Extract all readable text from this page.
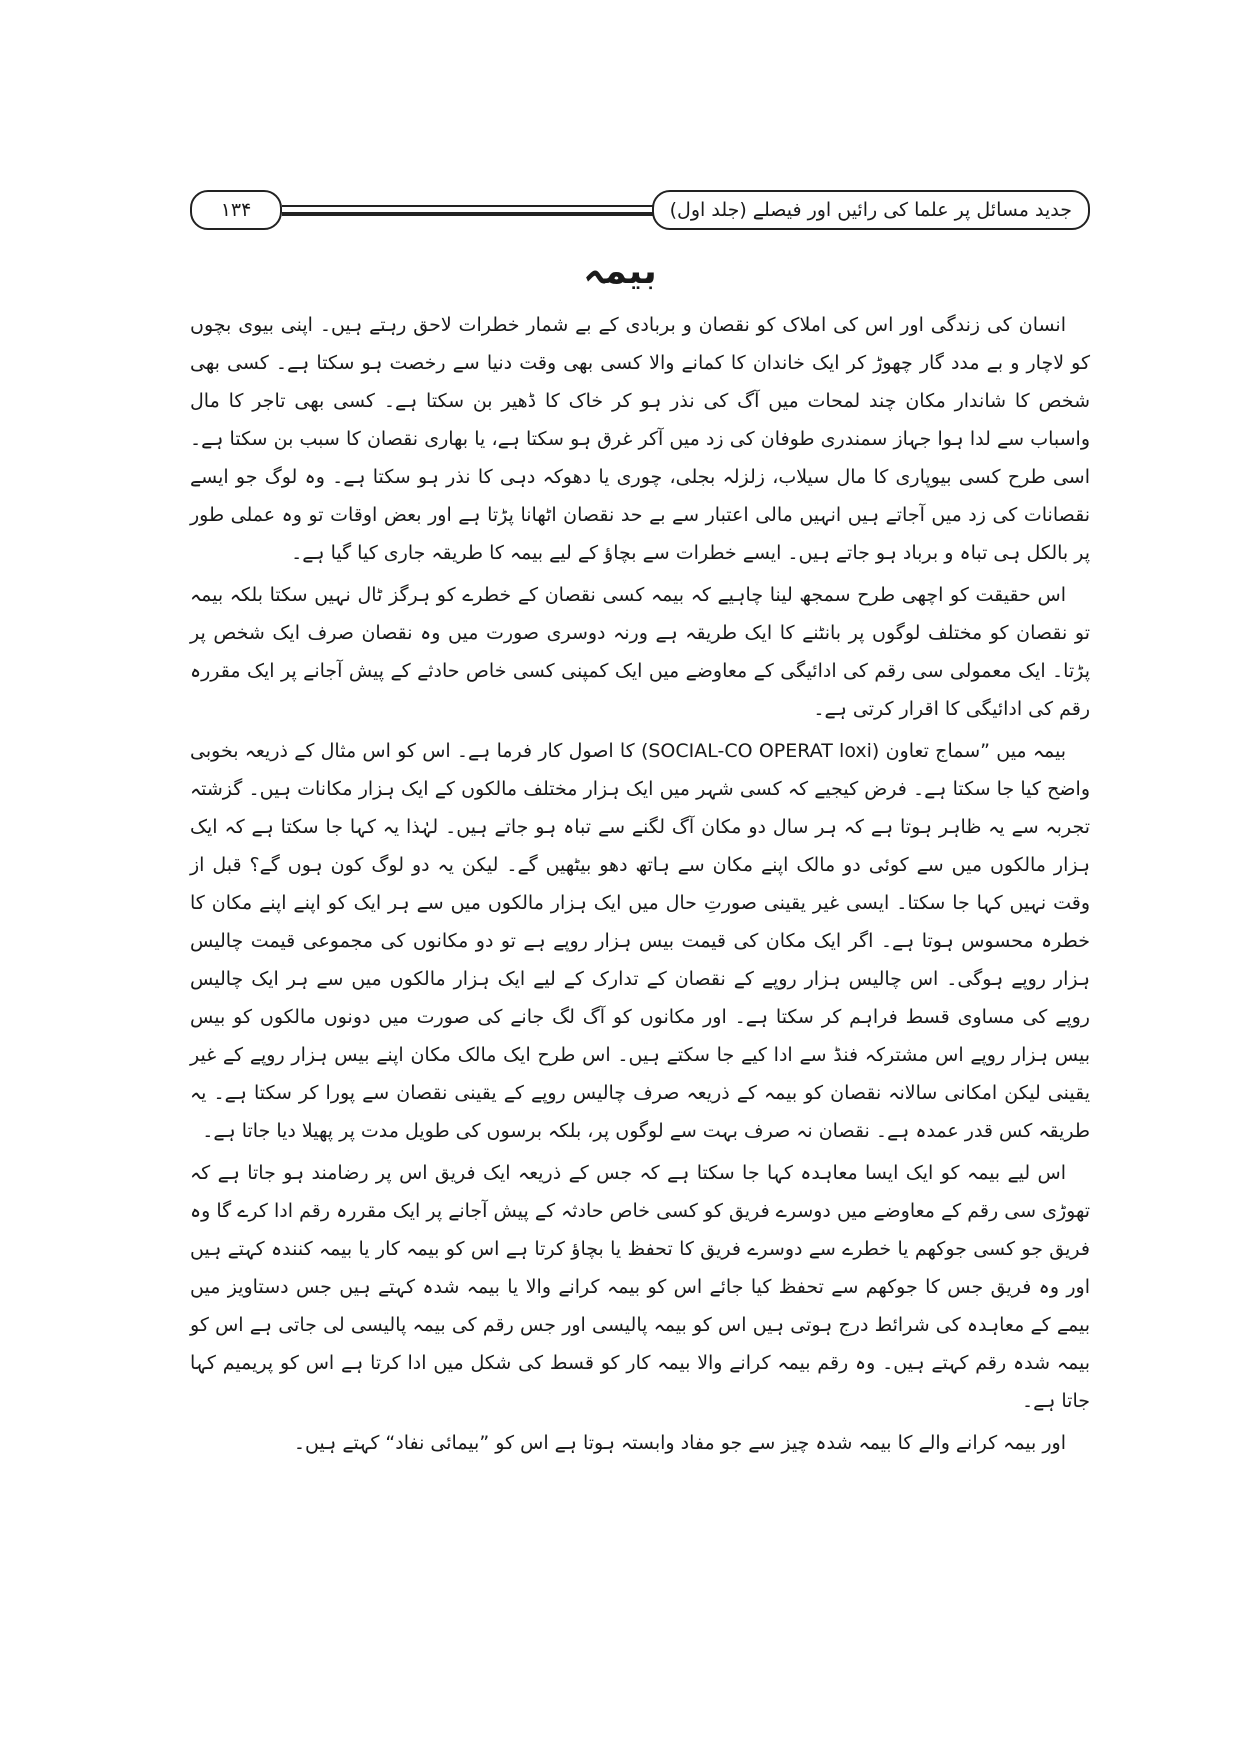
۱۳۴	جدید مسائل پر علما کی رائیں اور فیصلے (جلد اول)
بیمہ

انسان کی زندگی اور اس کی املاک کو نقصان و بربادی کے بے شمار خطرات لاحق رہتے ہیں۔ اپنی بیوی بچوں کو لاچار و بے مدد گار چھوڑ کر ایک خاندان کا کمانے والا کسی بھی وقت دنیا سے رخصت ہو سکتا ہے۔ کسی بھی شخص کا شاندار مکان چند لمحات میں آگ کی نذر ہو کر خاک کا ڈھیر بن سکتا ہے۔ کسی بھی تاجر کا مال واسباب سے لدا ہوا جہاز سمندری طوفان کی زد میں آکر غرق ہو سکتا ہے، یا بھاری نقصان کا سبب بن سکتا ہے۔ اسی طرح کسی بیوپاری کا مال سیلاب، زلزلہ بجلی، چوری یا دھوکہ دہی کا نذر ہو سکتا ہے۔ وہ لوگ جو ایسے نقصانات کی زد میں آجاتے ہیں انہیں مالی اعتبار سے بے حد نقصان اٹھانا پڑتا ہے اور بعض اوقات تو وہ عملی طور پر بالکل ہی تباہ و برباد ہو جاتے ہیں۔ ایسے خطرات سے بچاؤ کے لیے بیمہ کا طریقہ جاری کیا گیا ہے۔

اس حقیقت کو اچھی طرح سمجھ لینا چاہیے کہ بیمہ کسی نقصان کے خطرے کو ہرگز ٹال نہیں سکتا بلکہ بیمہ تو نقصان کو مختلف لوگوں پر بانٹنے کا ایک طریقہ ہے ورنہ دوسری صورت میں وہ نقصان صرف ایک شخص پر پڑتا۔ ایک معمولی سی رقم کی ادائیگی کے معاوضے میں ایک کمپنی کسی خاص حادثے کے پیش آجانے پر ایک مقررہ رقم کی ادائیگی کا اقرار کرتی ہے۔

بیمہ میں ”سماج تعاون (SOCIAL-CO OPERAT loxi) کا اصول کار فرما ہے۔ اس کو اس مثال کے ذریعہ بخوبی واضح کیا جا سکتا ہے۔ فرض کیجیے کہ کسی شہر میں ایک ہزار مختلف مالکوں کے ایک ہزار مکانات ہیں۔ گزشتہ تجربہ سے یہ ظاہر ہوتا ہے کہ ہر سال دو مکان آگ لگنے سے تباہ ہو جاتے ہیں۔ لہٰذا یہ کہا جا سکتا ہے کہ ایک ہزار مالکوں میں سے کوئی دو مالک اپنے مکان سے ہاتھ دھو بیٹھیں گے۔ لیکن یہ دو لوگ کون ہوں گے؟ قبل از وقت نہیں کہا جا سکتا۔ ایسی غیر یقینی صورتِ حال میں ایک ہزار مالکوں میں سے ہر ایک کو اپنے اپنے مکان کا خطرہ محسوس ہوتا ہے۔ اگر ایک مکان کی قیمت بیس ہزار روپے ہے تو دو مکانوں کی مجموعی قیمت چالیس ہزار روپے ہوگی۔ اس چالیس ہزار روپے کے نقصان کے تدارک کے لیے ایک ہزار مالکوں میں سے ہر ایک چالیس روپے کی مساوی قسط فراہم کر سکتا ہے۔ اور مکانوں کو آگ لگ جانے کی صورت میں دونوں مالکوں کو بیس بیس ہزار روپے اس مشترکہ فنڈ سے ادا کیے جا سکتے ہیں۔ اس طرح ایک مالک مکان اپنے بیس ہزار روپے کے غیر یقینی لیکن امکانی سالانہ نقصان کو بیمہ کے ذریعہ صرف چالیس روپے کے یقینی نقصان سے پورا کر سکتا ہے۔ یہ طریقہ کس قدر عمدہ ہے۔ نقصان نہ صرف بہت سے لوگوں پر، بلکہ برسوں کی طویل مدت پر پھیلا دیا جاتا ہے۔

اس لیے بیمہ کو ایک ایسا معاہدہ کہا جا سکتا ہے کہ جس کے ذریعہ ایک فریق اس پر رضامند ہو جاتا ہے کہ تھوڑی سی رقم کے معاوضے میں دوسرے فریق کو کسی خاص حادثہ کے پیش آجانے پر ایک مقررہ رقم ادا کرے گا وہ فریق جو کسی جوکھم یا خطرے سے دوسرے فریق کا تحفظ یا بچاؤ کرتا ہے اس کو بیمہ کار یا بیمہ کنندہ کہتے ہیں اور وہ فریق جس کا جوکھم سے تحفظ کیا جائے اس کو بیمہ کرانے والا یا بیمہ شدہ کہتے ہیں جس دستاویز میں بیمے کے معاہدہ کی شرائط درج ہوتی ہیں اس کو بیمہ پالیسی اور جس رقم کی بیمہ پالیسی لی جاتی ہے اس کو بیمہ شدہ رقم کہتے ہیں۔ وہ رقم بیمہ کرانے والا بیمہ کار کو قسط کی شکل میں ادا کرتا ہے اس کو پریمیم کہا جاتا ہے۔

اور بیمہ کرانے والے کا بیمہ شدہ چیز سے جو مفاد وابستہ ہوتا ہے اس کو ”بیمائی نفاد“ کہتے ہیں۔
